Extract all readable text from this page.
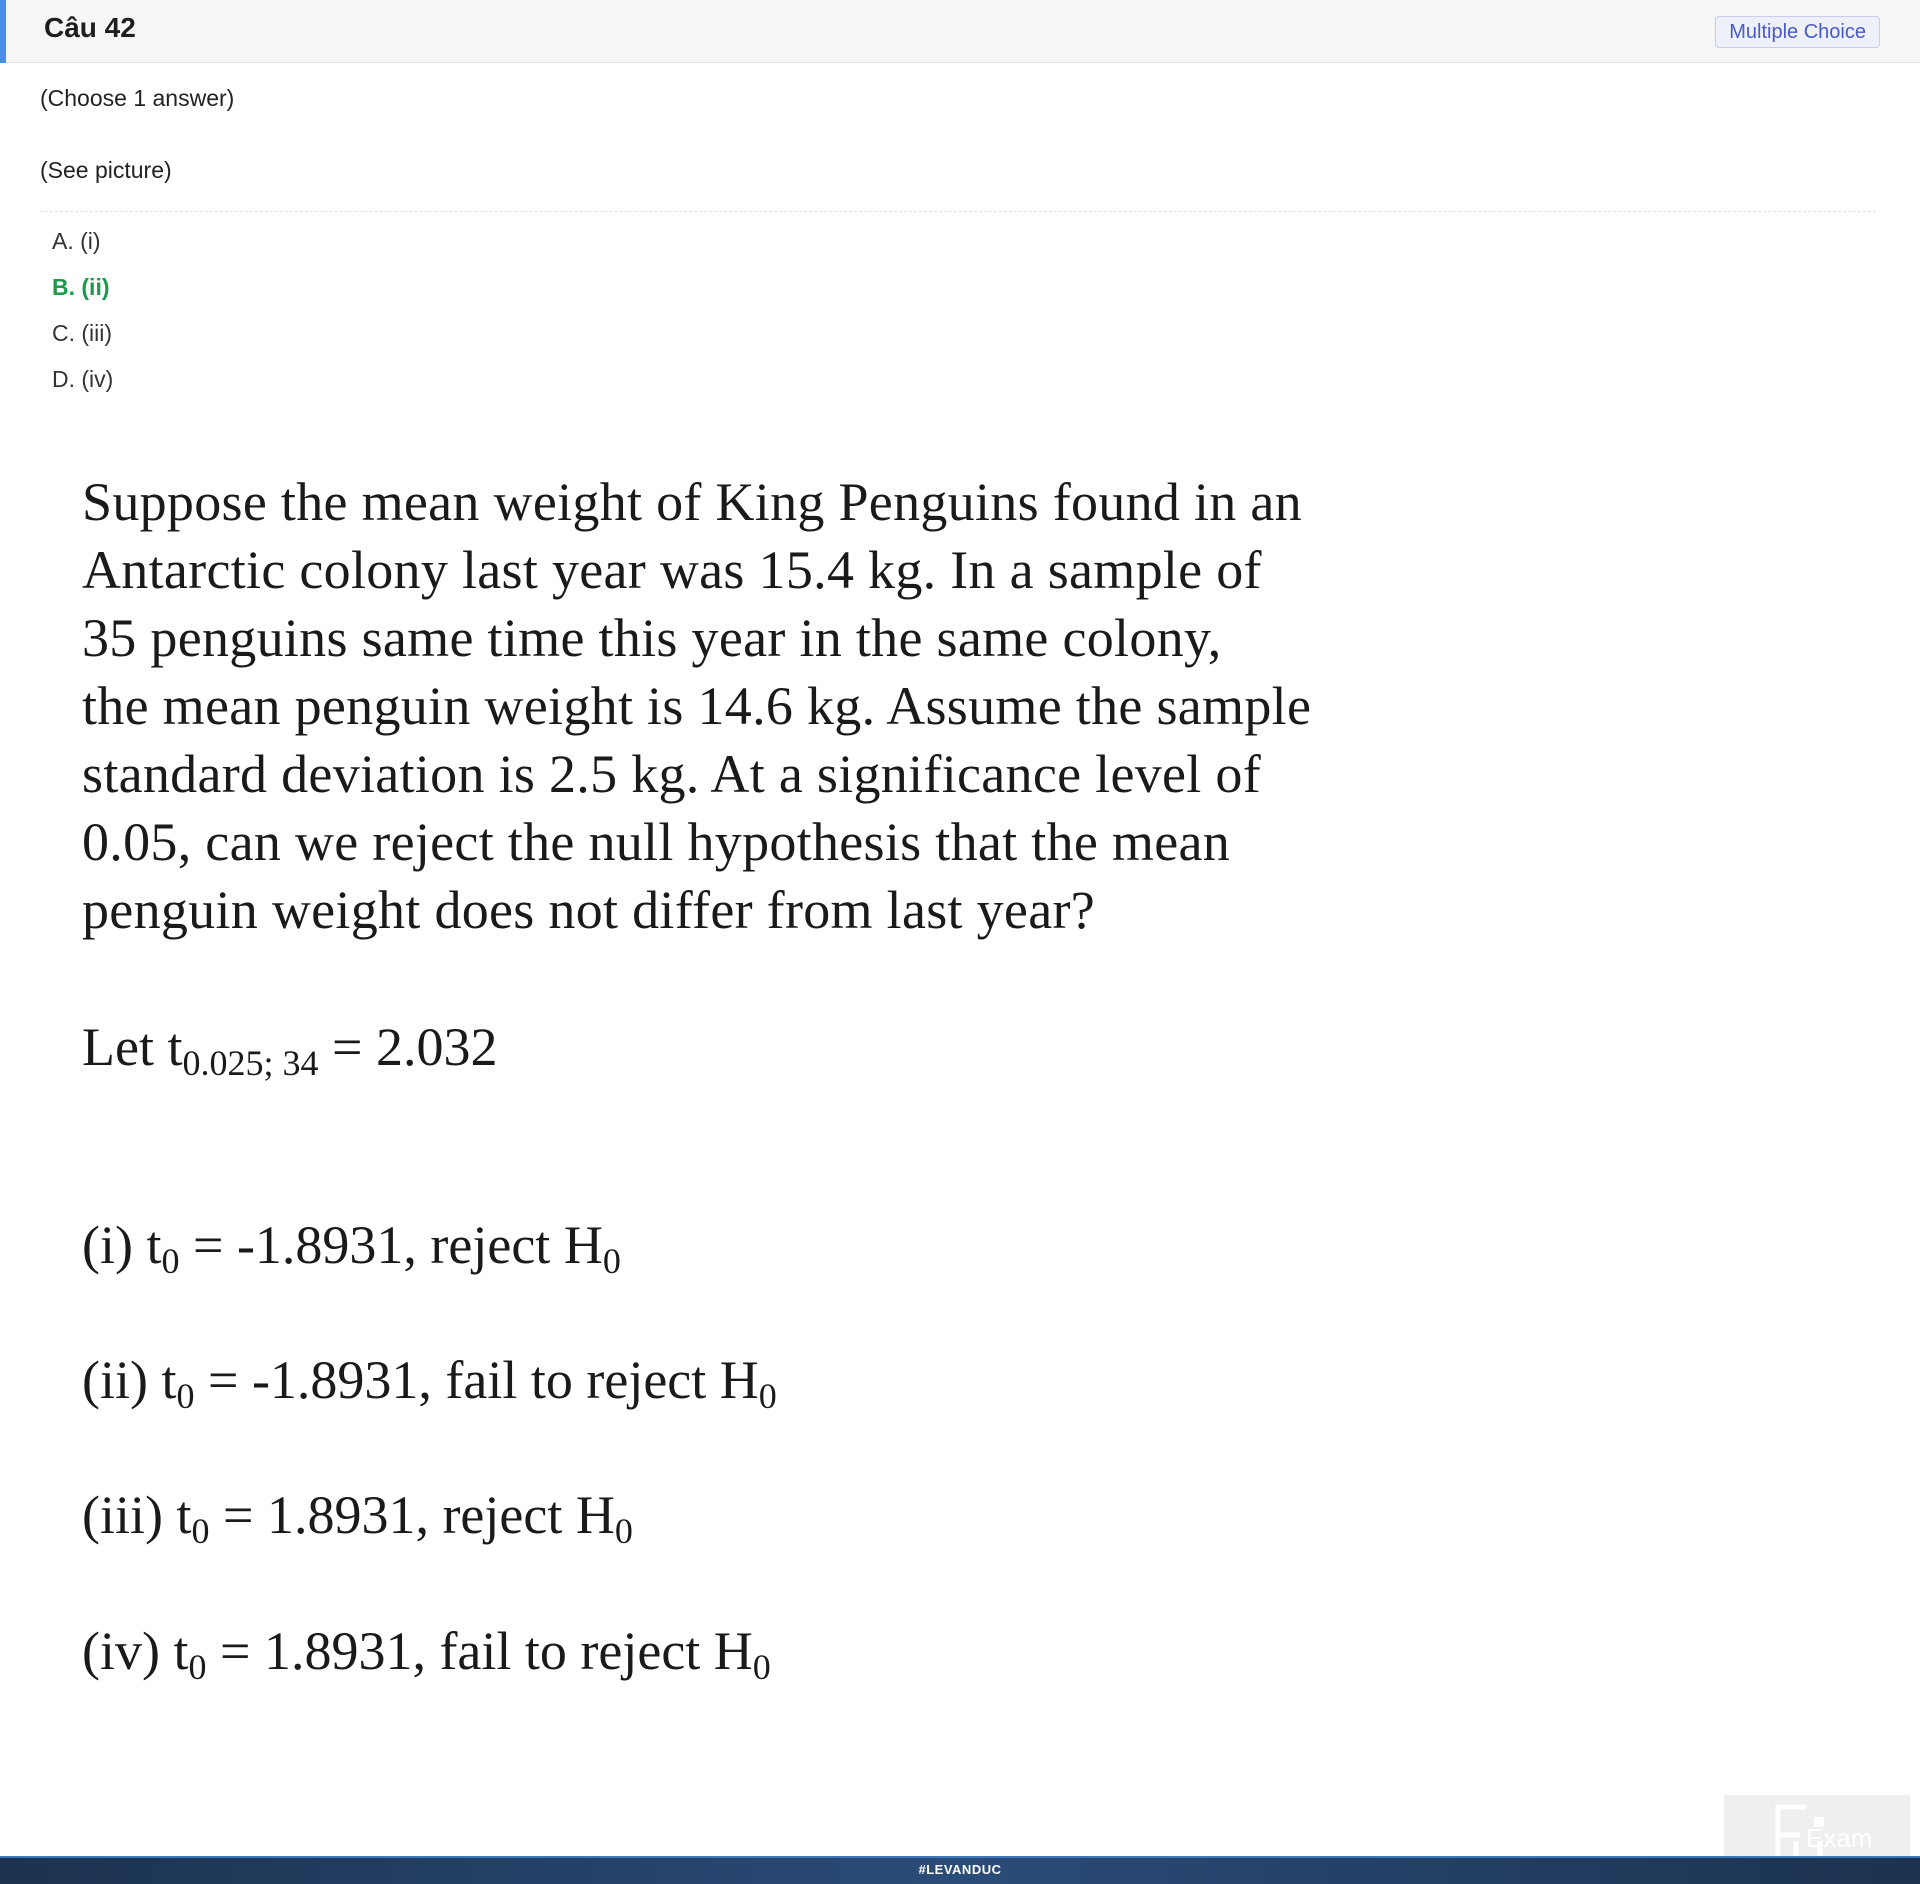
Câu 42	Multiple Choice
(Choose 1 answer)
(See picture)
A. (i)
B. (ii)
C. (iii)
D. (iv)
Suppose the mean weight of King Penguins found in an
Antarctic colony last year was 15.4 kg. In a sample of
35 penguins same time this year in the same colony,
the mean penguin weight is 14.6 kg. Assume the sample
standard deviation is 2.5 kg. At a significance level of
0.05, can we reject the null hypothesis that the mean
penguin weight does not differ from last year?
Let $t_{0.025; 34} = 2.032$
(i) $t_0 = -1.8931$, reject $H_0$
(ii) $t_0 = -1.8931$, fail to reject $H_0$
(iii) $t_0 = 1.8931$, reject $H_0$
(iv) $t_0 = 1.8931$, fail to reject $H_0$
Exam
#LEVANDUC
